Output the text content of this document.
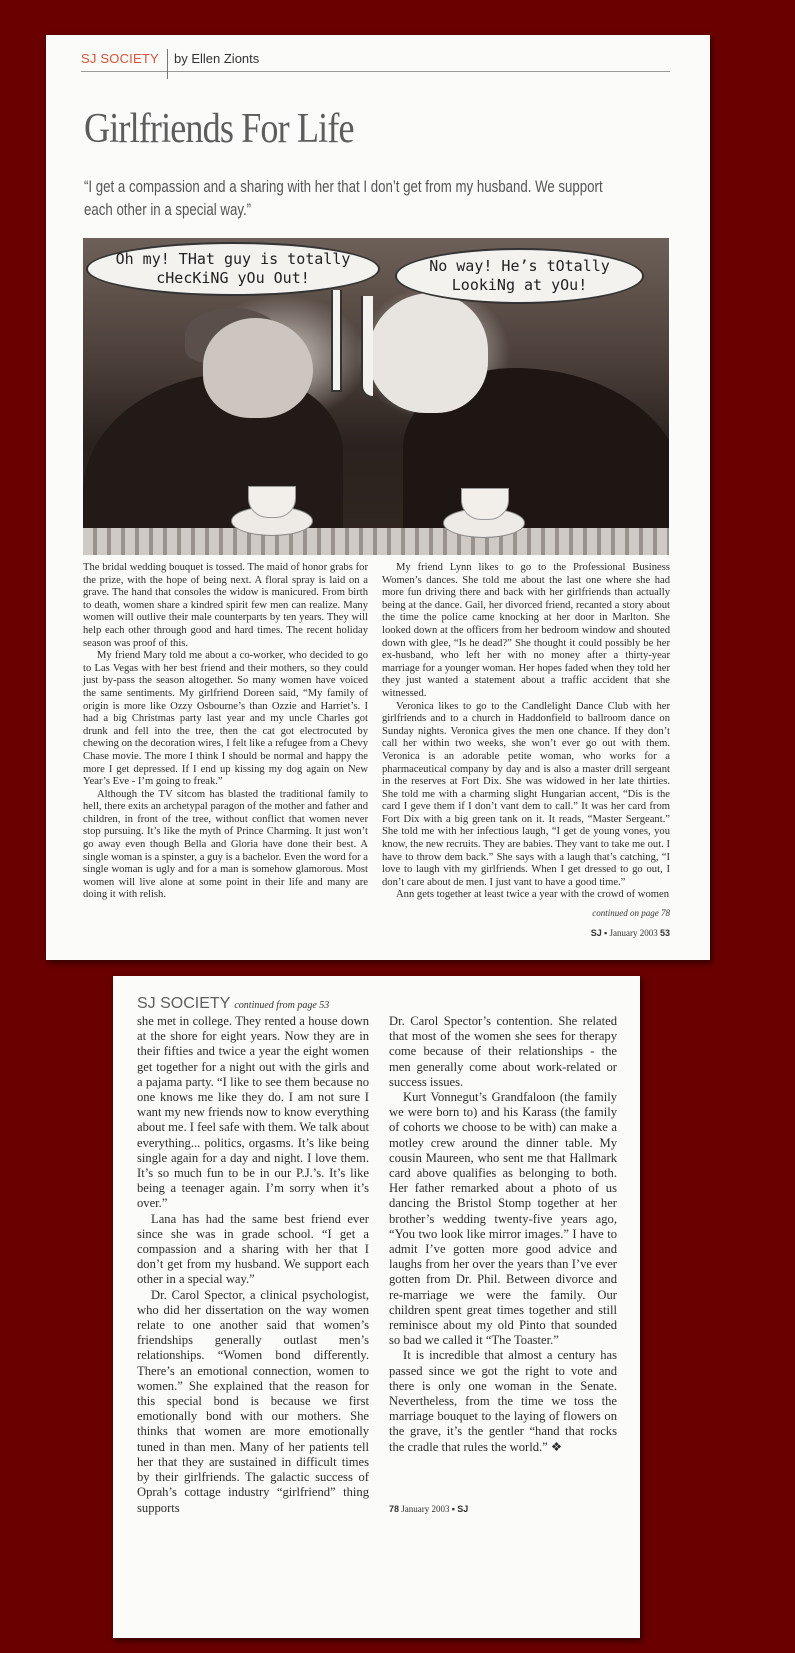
SJ SOCIETY by Ellen Zionts
Girlfriends For Life
“I get a compassion and a sharing with her that I don’t get from my husband. We support each other in a special way.”
Oh my! THat guy is totally cHecKiNG yOu Out!
No way! He’s tOtally LookiNg at yOu!

The bridal wedding bouquet is tossed. The maid of honor grabs for the prize, with the hope of being next. A floral spray is laid on a grave. The hand that consoles the widow is manicured. From birth to death, women share a kindred spirit few men can realize. Many women will outlive their male counterparts by ten years. They will help each other through good and hard times. The recent holiday season was proof of this.

My friend Mary told me about a co-worker, who decided to go to Las Vegas with her best friend and their mothers, so they could just by-pass the season altogether. So many women have voiced the same sentiments. My girlfriend Doreen said, “My family of origin is more like Ozzy Osbourne’s than Ozzie and Harriet’s. I had a big Christmas party last year and my uncle Charles got drunk and fell into the tree, then the cat got electrocuted by chewing on the decoration wires, I felt like a refugee from a Chevy Chase movie. The more I think I should be normal and happy the more I get depressed. If I end up kissing my dog again on New Year’s Eve - I’m going to freak.”

Although the TV sitcom has blasted the traditional family to hell, there exits an archetypal paragon of the mother and father and children, in front of the tree, without conflict that women never stop pursuing. It’s like the myth of Prince Charming. It just won’t go away even though Bella and Gloria have done their best. A single woman is a spinster, a guy is a bachelor. Even the word for a single woman is ugly and for a man is somehow glamorous. Most women will live alone at some point in their life and many are doing it with relish.

My friend Lynn likes to go to the Professional Business Women’s dances. She told me about the last one where she had more fun driving there and back with her girlfriends than actually being at the dance. Gail, her divorced friend, recanted a story about the time the police came knocking at her door in Marlton. She looked down at the officers from her bedroom window and shouted down with glee, “Is he dead?” She thought it could possibly be her ex-husband, who left her with no money after a thirty-year marriage for a younger woman. Her hopes faded when they told her they just wanted a statement about a traffic accident that she witnessed.

Veronica likes to go to the Candlelight Dance Club with her girlfriends and to a church in Haddonfield to ballroom dance on Sunday nights. Veronica gives the men one chance. If they don’t call her within two weeks, she won’t ever go out with them. Veronica is an adorable petite woman, who works for a pharmaceutical company by day and is also a master drill sergeant in the reserves at Fort Dix. She was widowed in her late thirties. She told me with a charming slight Hungarian accent, “Dis is the card I geve them if I don’t vant dem to call.” It was her card from Fort Dix with a big green tank on it. It reads, “Master Sergeant.” She told me with her infectious laugh, “I get de young vones, you know, the new recruits. They are babies. They vant to take me out. I have to throw dem back.” She says with a laugh that’s catching, “I love to laugh vith my girlfriends. When I get dressed to go out, I don’t care about de men. I just vant to have a good time.”

Ann gets together at least twice a year with the crowd of women

continued on page 78
SJ ▪ January 2003 53
SJ SOCIETY continued from page 53

she met in college. They rented a house down at the shore for eight years. Now they are in their fifties and twice a year the eight women get together for a night out with the girls and a pajama party. “I like to see them because no one knows me like they do. I am not sure I want my new friends now to know everything about me. I feel safe with them. We talk about everything... politics, orgasms. It’s like being single again for a day and night. I love them. It’s so much fun to be in our P.J.’s. It’s like being a teenager again. I’m sorry when it’s over.”

Lana has had the same best friend ever since she was in grade school. “I get a compassion and a sharing with her that I don’t get from my husband. We support each other in a special way.”

Dr. Carol Spector, a clinical psychologist, who did her dissertation on the way women relate to one another said that women’s friendships generally outlast men’s relationships. “Women bond differently. There’s an emotional connection, women to women.” She explained that the reason for this special bond is because we first emotionally bond with our mothers. She thinks that women are more emotionally tuned in than men. Many of her patients tell her that they are sustained in difficult times by their girlfriends. The galactic success of Oprah’s cottage industry “girlfriend” thing supports

Dr. Carol Spector’s contention. She related that most of the women she sees for therapy come because of their relationships - the men generally come about work-related or success issues.

Kurt Vonnegut’s Grandfaloon (the family we were born to) and his Karass (the family of cohorts we choose to be with) can make a motley crew around the dinner table. My cousin Maureen, who sent me that Hallmark card above qualifies as belonging to both. Her father remarked about a photo of us dancing the Bristol Stomp together at her brother’s wedding twenty-five years ago, “You two look like mirror images.” I have to admit I’ve gotten more good advice and laughs from her over the years than I’ve ever gotten from Dr. Phil. Between divorce and re-marriage we were the family. Our children spent great times together and still reminisce about my old Pinto that sounded so bad we called it “The Toaster.”

It is incredible that almost a century has passed since we got the right to vote and there is only one woman in the Senate. Nevertheless, from the time we toss the marriage bouquet to the laying of flowers on the grave, it’s the gentler “hand that rocks the cradle that rules the world.” ❖

78 January 2003 ▪ SJ
